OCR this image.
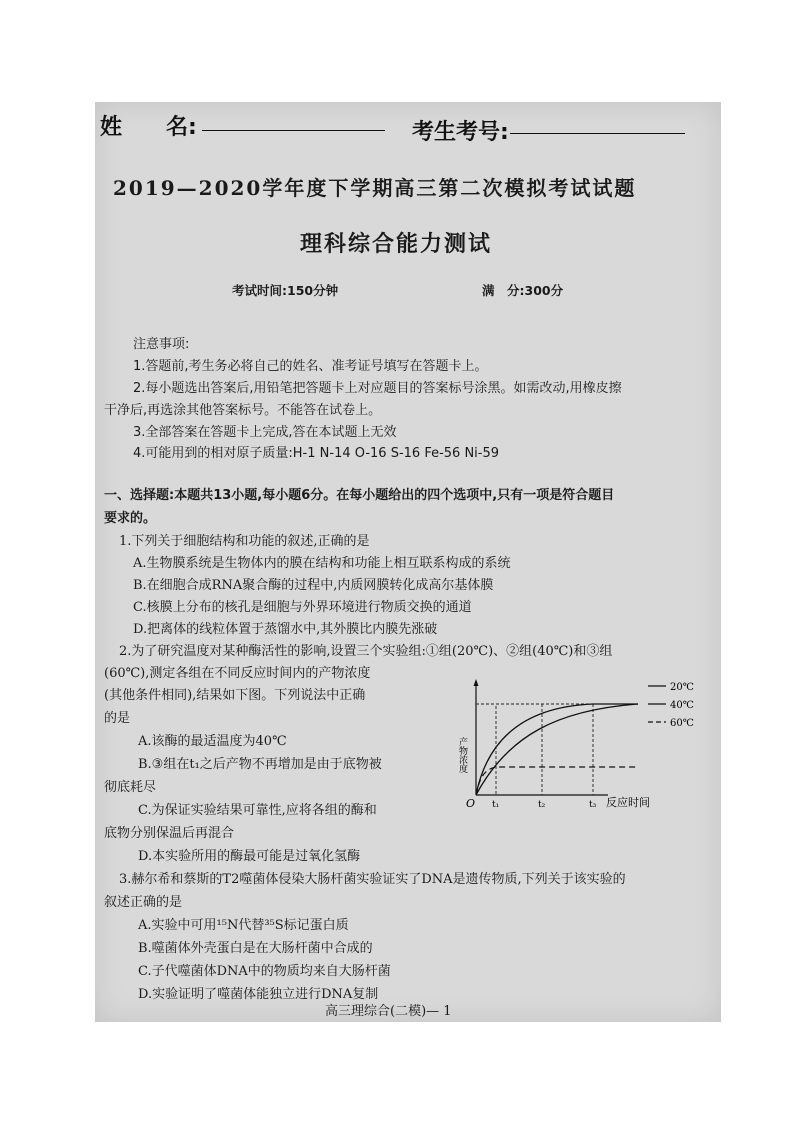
姓　　名:	考生考号:
2019—2020学年度下学期高三第二次模拟考试试题
理科综合能力测试
考试时间:150分钟	满　分:300分
注意事项:
1.答题前,考生务必将自己的姓名、准考证号填写在答题卡上。
2.每小题选出答案后,用铅笔把答题卡上对应题目的答案标号涂黑。如需改动,用橡皮擦
干净后,再选涂其他答案标号。不能答在试卷上。
3.全部答案在答题卡上完成,答在本试题上无效
4.可能用到的相对原子质量:H-1 N-14 O-16 S-16 Fe-56 Ni-59
一、选择题:本题共13小题,每小题6分。在每小题给出的四个选项中,只有一项是符合题目
要求的。
1.下列关于细胞结构和功能的叙述,正确的是
A.生物膜系统是生物体内的膜在结构和功能上相互联系构成的系统
B.在细胞合成RNA聚合酶的过程中,内质网膜转化成高尔基体膜
C.核膜上分布的核孔是细胞与外界环境进行物质交换的通道
D.把离体的线粒体置于蒸馏水中,其外膜比内膜先涨破
2.为了研究温度对某种酶活性的影响,设置三个实验组:①组(20℃)、②组(40℃)和③组
(60℃),测定各组在不同反应时间内的产物浓度
(其他条件相同),结果如下图。下列说法中正确
的是
A.该酶的最适温度为40℃
B.③组在t₁之后产物不再增加是由于底物被
彻底耗尽
C.为保证实验结果可靠性,应将各组的酶和
底物分别保温后再混合
D.本实验所用的酶最可能是过氧化氢酶
产物浓度
O t₁	t₂	t₃ 反应时间
20℃
40℃
60℃
3.赫尔希和蔡斯的T2噬菌体侵染大肠杆菌实验证实了DNA是遗传物质,下列关于该实验的
叙述正确的是
A.实验中可用¹⁵N代替³⁵S标记蛋白质
B.噬菌体外壳蛋白是在大肠杆菌中合成的
C.子代噬菌体DNA中的物质均来自大肠杆菌
D.实验证明了噬菌体能独立进行DNA复制
高三理综合(二模)— 1
